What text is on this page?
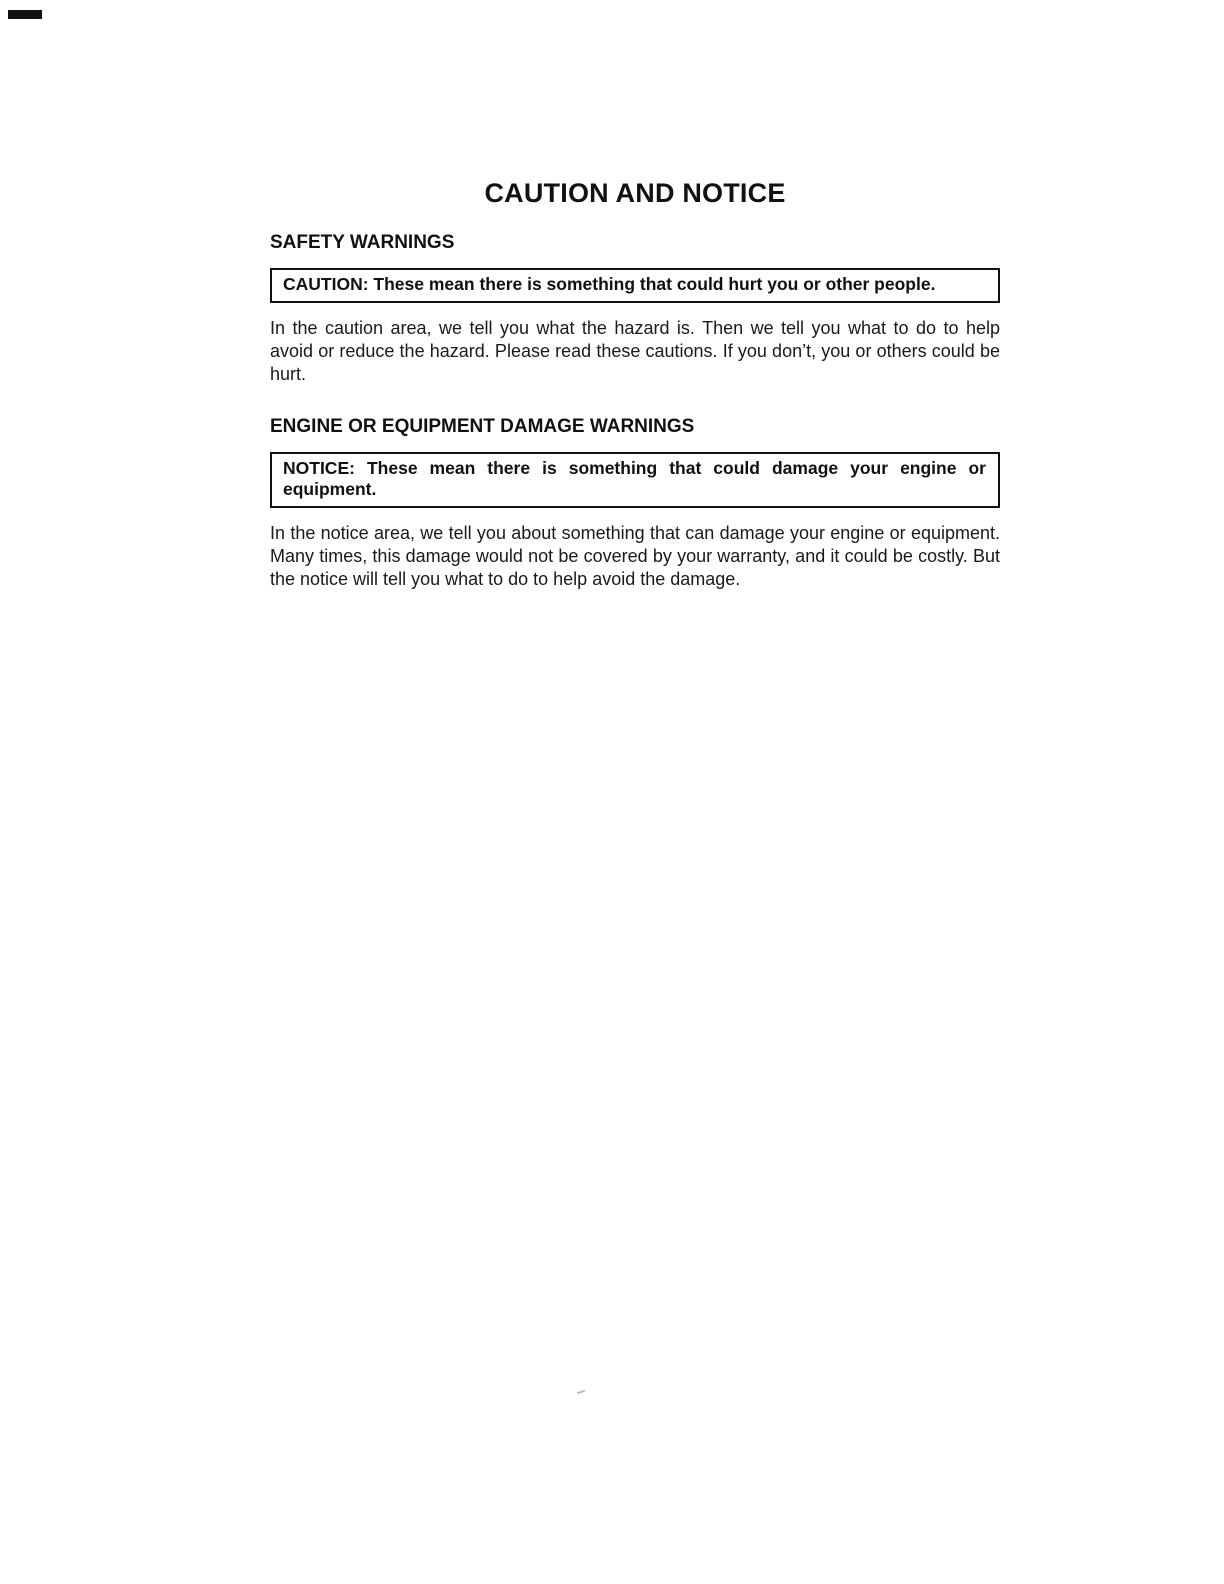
CAUTION AND NOTICE
SAFETY WARNINGS
CAUTION: These mean there is something that could hurt you or other people.

In the caution area, we tell you what the hazard is. Then we tell you what to do to help avoid or reduce the hazard. Please read these cautions. If you don’t, you or others could be hurt.

ENGINE OR EQUIPMENT DAMAGE WARNINGS
NOTICE: These mean there is something that could damage your engine or equipment.

In the notice area, we tell you about something that can damage your engine or equipment. Many times, this damage would not be covered by your warranty, and it could be costly. But the notice will tell you what to do to help avoid the damage.
